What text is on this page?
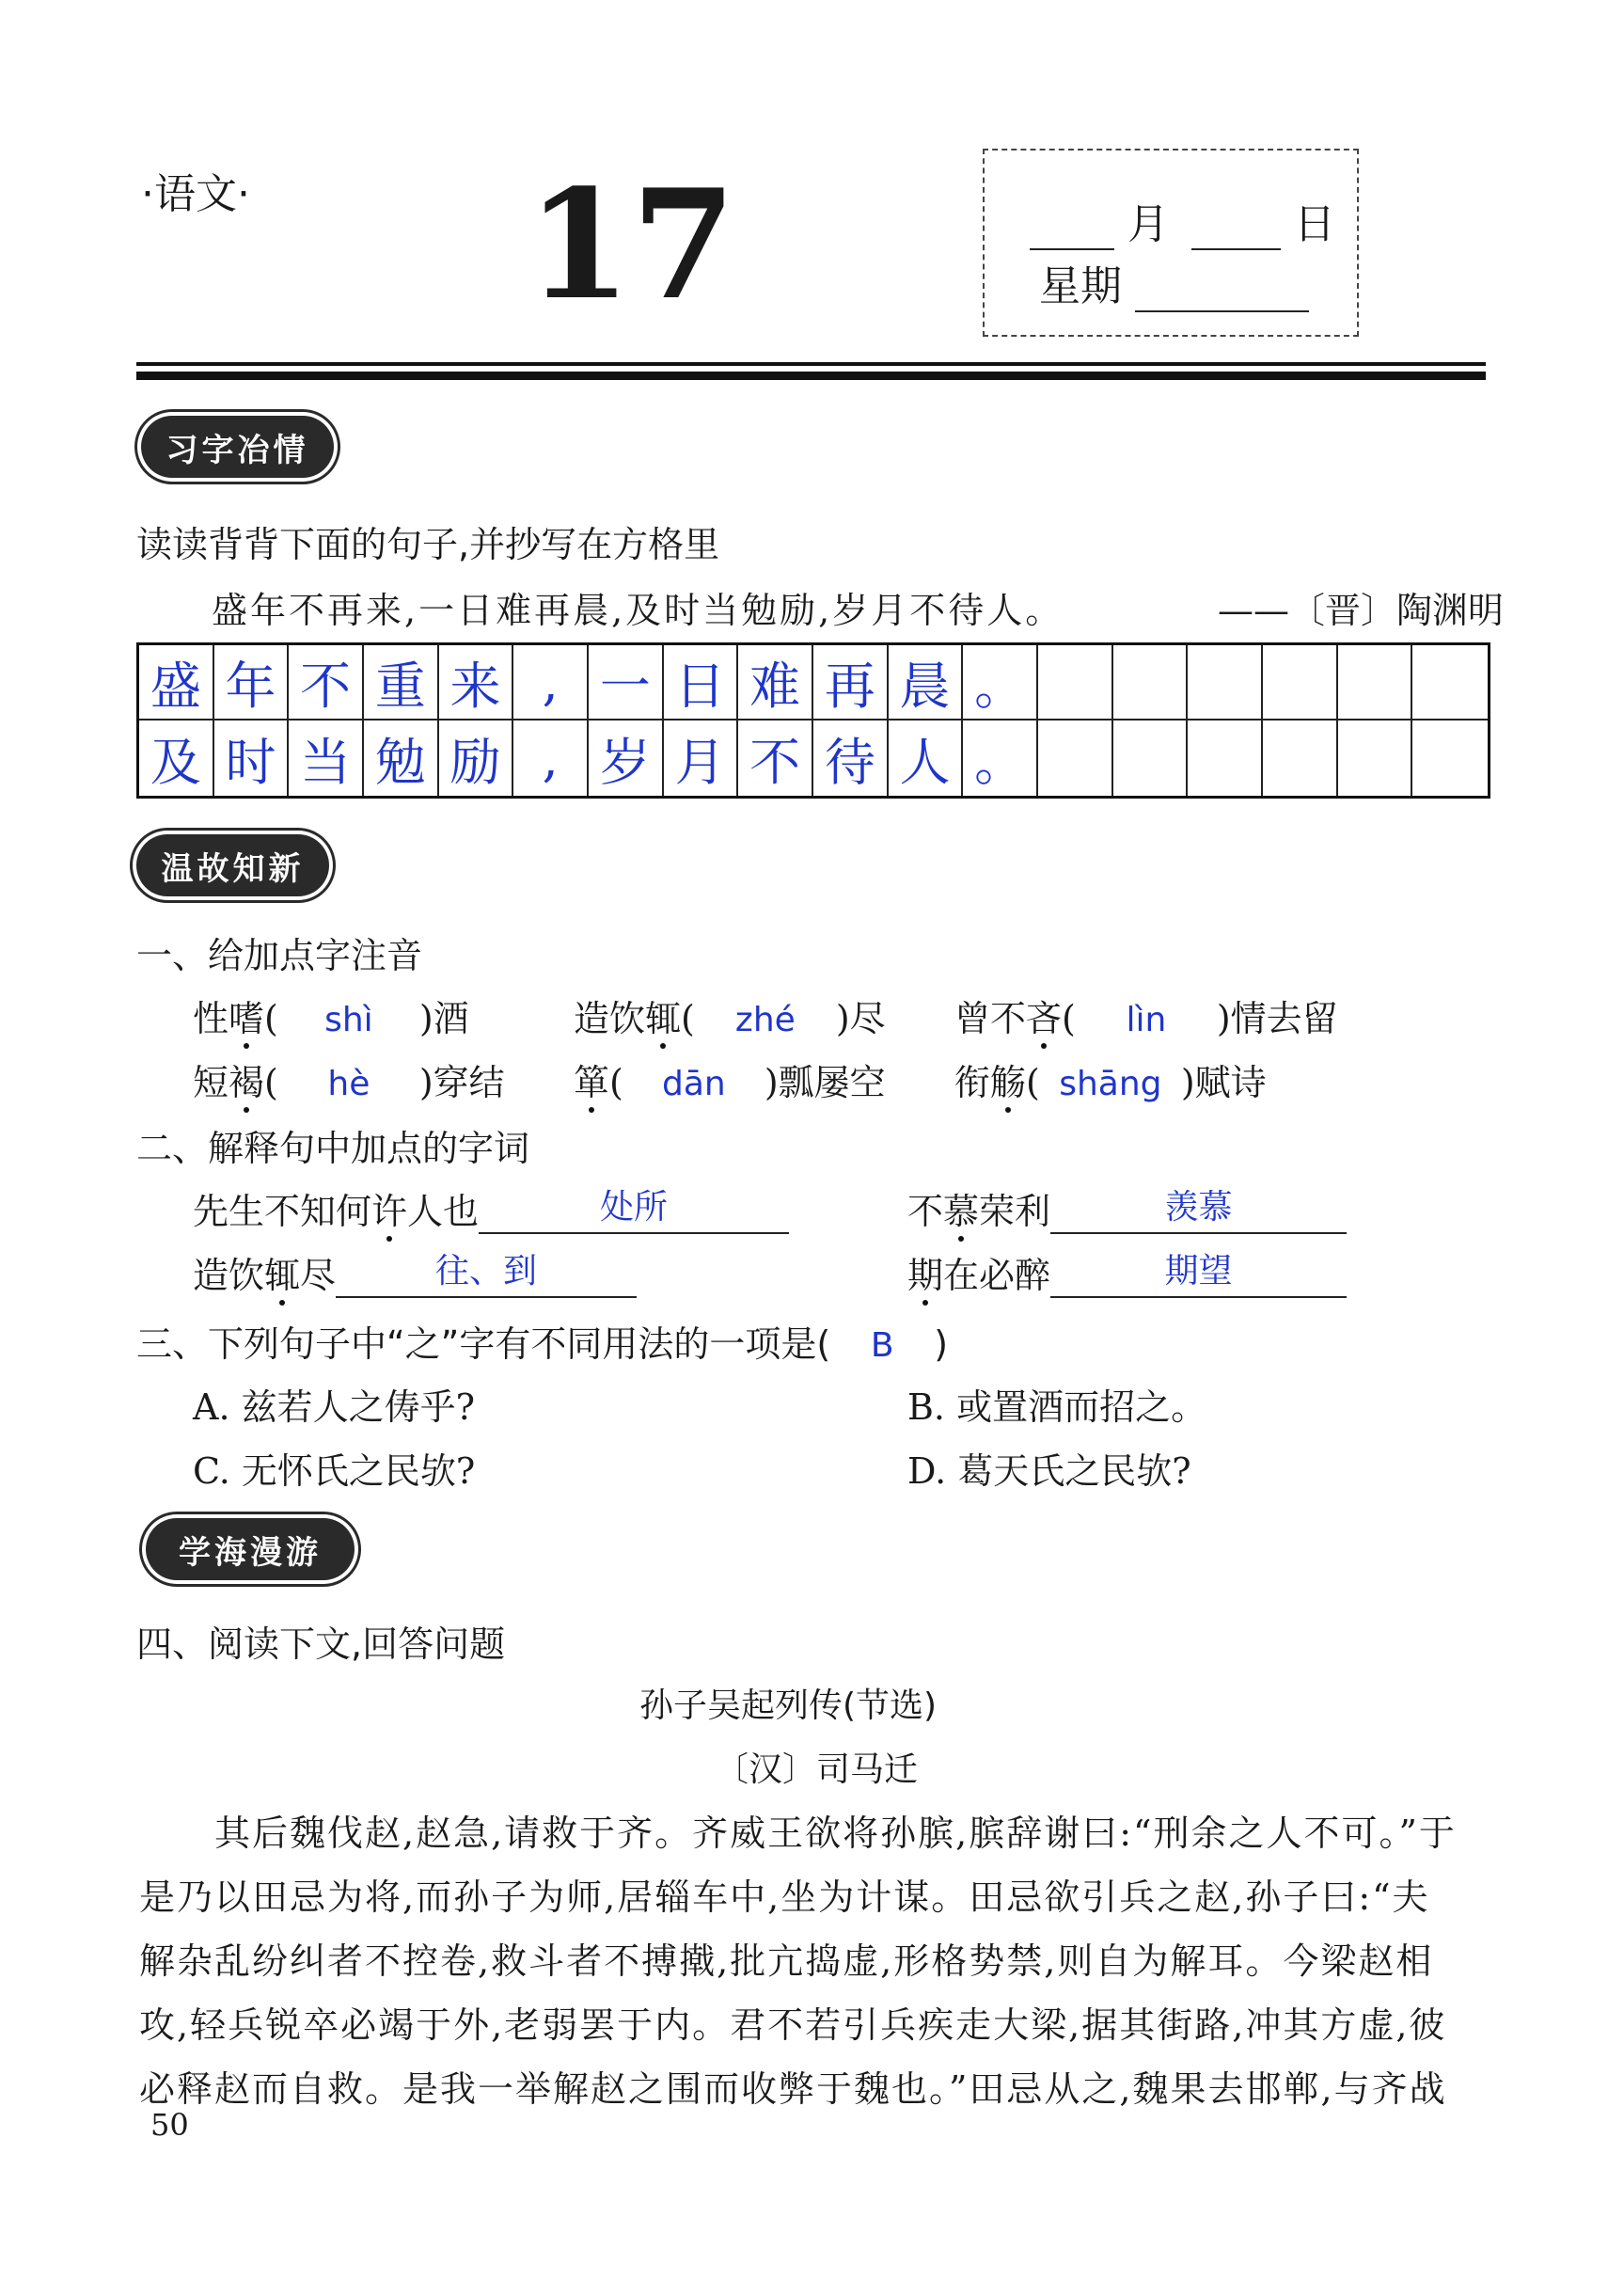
·语文· 17	月	日
星期
习字冶情
读读背背下面的句子,并抄写在方格里
盛年不再来,一日难再晨,及时当勉励,岁月不待人。	——〔晋〕陶渊明
盛 年 不 重 来 , 一 日 难 再 晨 。
及 时 当 勉 励 , 岁 月 不 待 人 。
温故知新
一、给加点字注音
性嗜( shì )酒	造饮辄( zhé )尽 曾不吝( lìn )情去留
短褐( hè )穿结 箪( dān )瓢屡空 衔觞( shāng )赋诗
二、解释句中加点的字词
先生不知何许人也	处所	不慕荣利	羡慕
造饮辄尽	往、到	期在必醉	期望
三、下列句子中“之”字有不同用法的一项是( B )
A. 兹若人之俦乎?	B. 或置酒而招之。
C. 无怀氏之民欤?	D. 葛天氏之民欤?
学海漫游
四、阅读下文,回答问题
孙子吴起列传(节选)
〔汉〕司马迁
其后魏伐赵,赵急,请救于齐。齐威王欲将孙膑,膑辞谢曰:“刑余之人不可。”于
是乃以田忌为将,而孙子为师,居辎车中,坐为计谋。田忌欲引兵之赵,孙子曰:“夫
解杂乱纷纠者不控卷,救斗者不搏撠,批亢捣虚,形格势禁,则自为解耳。今梁赵相
攻,轻兵锐卒必竭于外,老弱罢于内。君不若引兵疾走大梁,据其街路,冲其方虚,彼
必释赵而自救。是我一举解赵之围而收弊于魏也。”田忌从之,魏果去邯郸,与齐战
50
